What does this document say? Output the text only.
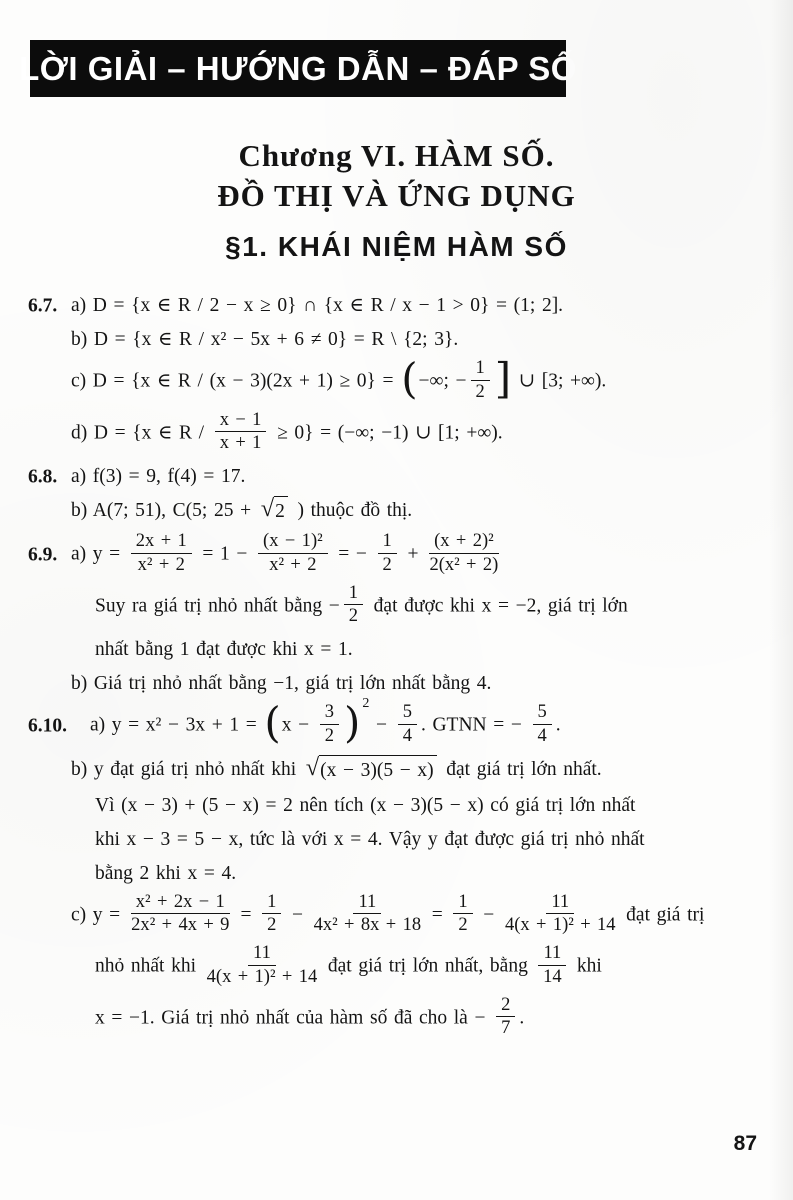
LỜI GIẢI – HƯỚNG DẪN – ĐÁP SỐ
Chương VI. HÀM SỐ.
ĐỒ THỊ VÀ ỨNG DỤNG
§1. KHÁI NIỆM HÀM SỐ
6.7. a) D = {x ∈ R / 2 − x ≥ 0} ∩ {x ∈ R / x − 1 > 0} = (1; 2].
b) D = {x ∈ R / x² − 5x + 6 ≠ 0} = R \ {2; 3}.
c) D = {x ∈ R / (x − 3)(2x + 1) ≥ 0} = (−∞; − $\frac{1}{2}$ ] ∪ [3; +∞).
d) D = {x ∈ $R / \frac{x - 1}{x + 1} \ge 0$} = (−∞; −1) ∪ [1; +∞).
6.8. a) f(3) = 9, f(4) = 17.
b) A(7; 51), C(5; 25 + √ 2 ) thuộc đồ thị.
6.9. a) $y = \frac{2x + 1}{\text{x² + 2}} = 1 - \frac{\text{(x − 1)²}}{\text{x² + 2}}$ = − $\frac{1}{2} + \frac{\text{(x + 2)²}}{\text{2(x² + 2)}}$
Suy ra giá trị nhỏ nhất bằng − $\frac{1}{2}$ đạt được khi x = −2, giá trị lớn
nhất bằng 1 đạt được khi x = 1.
b) Giá trị nhỏ nhất bằng −1, giá trị lớn nhất bằng 4.
6.10. a) $y = x^2 - 3x + 1 = (x - \frac{3}{2}$ ) $^2 - \frac{5}{4}$ . GTNN = − $\frac{5}{4}$ .
b) y đạt giá trị nhỏ nhất khi √ (x − 3)(5 − x) đạt giá trị lớn nhất.
Vì (x − 3) + (5 − x) = 2 nên tích (x − 3)(5 − x) có giá trị lớn nhất
khi x − 3 = 5 − x, tức là với x = 4. Vậy y đạt được giá trị nhỏ nhất
bằng 2 khi x = 4.
c) $y = \frac{\text{x² + 2x − 1}}{\text{2x² + 4x + 9}} = \frac{1}{2} - \frac{11}{\text{4x² + 8x + 18}} = \frac{1}{2} - \frac{11}{\text{4(x + 1)² + 14}}$ đạt giá trị
nhỏ nhất khi $\frac{11}{\text{4(x + 1)² + 14}}$ đạt giá trị lớn nhất, bằng $\frac{11}{14}$ khi
x = −1. Giá trị nhỏ nhất của hàm số đã cho là − $\frac{2}{7}$ .
87
